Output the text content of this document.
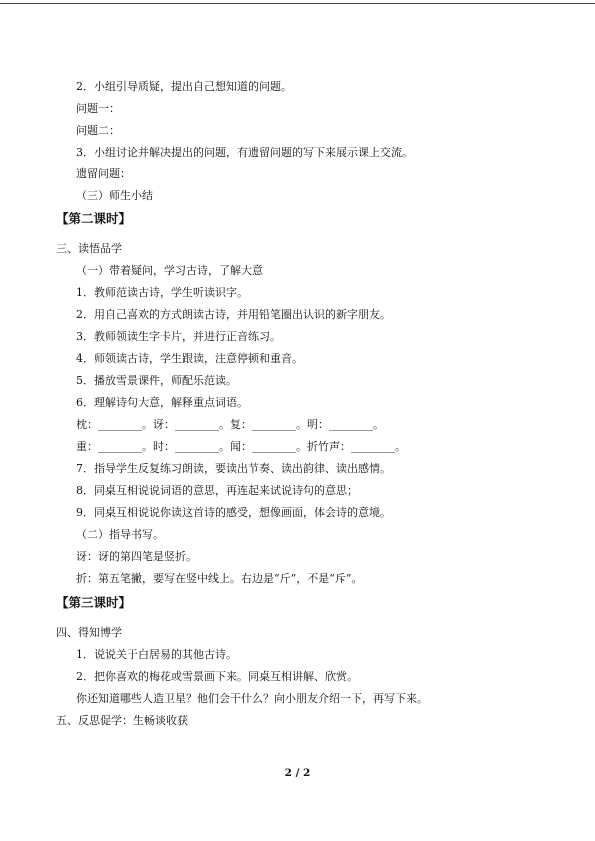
2．小组引导质疑，提出自己想知道的问题。
问题一：
问题二：
3．小组讨论并解决提出的问题，有遗留问题的写下来展示课上交流。
遗留问题：
（三）师生小结
【第二课时】
三、读悟品学
（一）带着疑问，学习古诗，了解大意
1．教师范读古诗，学生听读识字。
2．用自己喜欢的方式朗读古诗，并用铅笔圈出认识的新字朋友。
3．教师领读生字卡片，并进行正音练习。
4．师领读古诗，学生跟读，注意停顿和重音。
5．播放雪景课件，师配乐范读。
6．理解诗句大意，解释重点词语。
枕：________。讶：________。复：________。明：________。
重：________。时：________。闻：________。折竹声：________。
7．指导学生反复练习朗读，要读出节奏、读出韵律、读出感情。
8．同桌互相说说词语的意思，再连起来试说诗句的意思；
9．同桌互相说说你读这首诗的感受，想像画面，体会诗的意境。
（二）指导书写。
讶：讶的第四笔是竖折。
折：第五笔撇，要写在竖中线上。右边是“斤”，不是“斥”。
【第三课时】
四、得知博学
1．说说关于白居易的其他古诗。
2．把你喜欢的梅花或雪景画下来。同桌互相讲解、欣赏。
你还知道哪些人造卫星？他们会干什么？向小朋友介绍一下，再写下来。
五、反思促学：生畅谈收获
2 / 2
